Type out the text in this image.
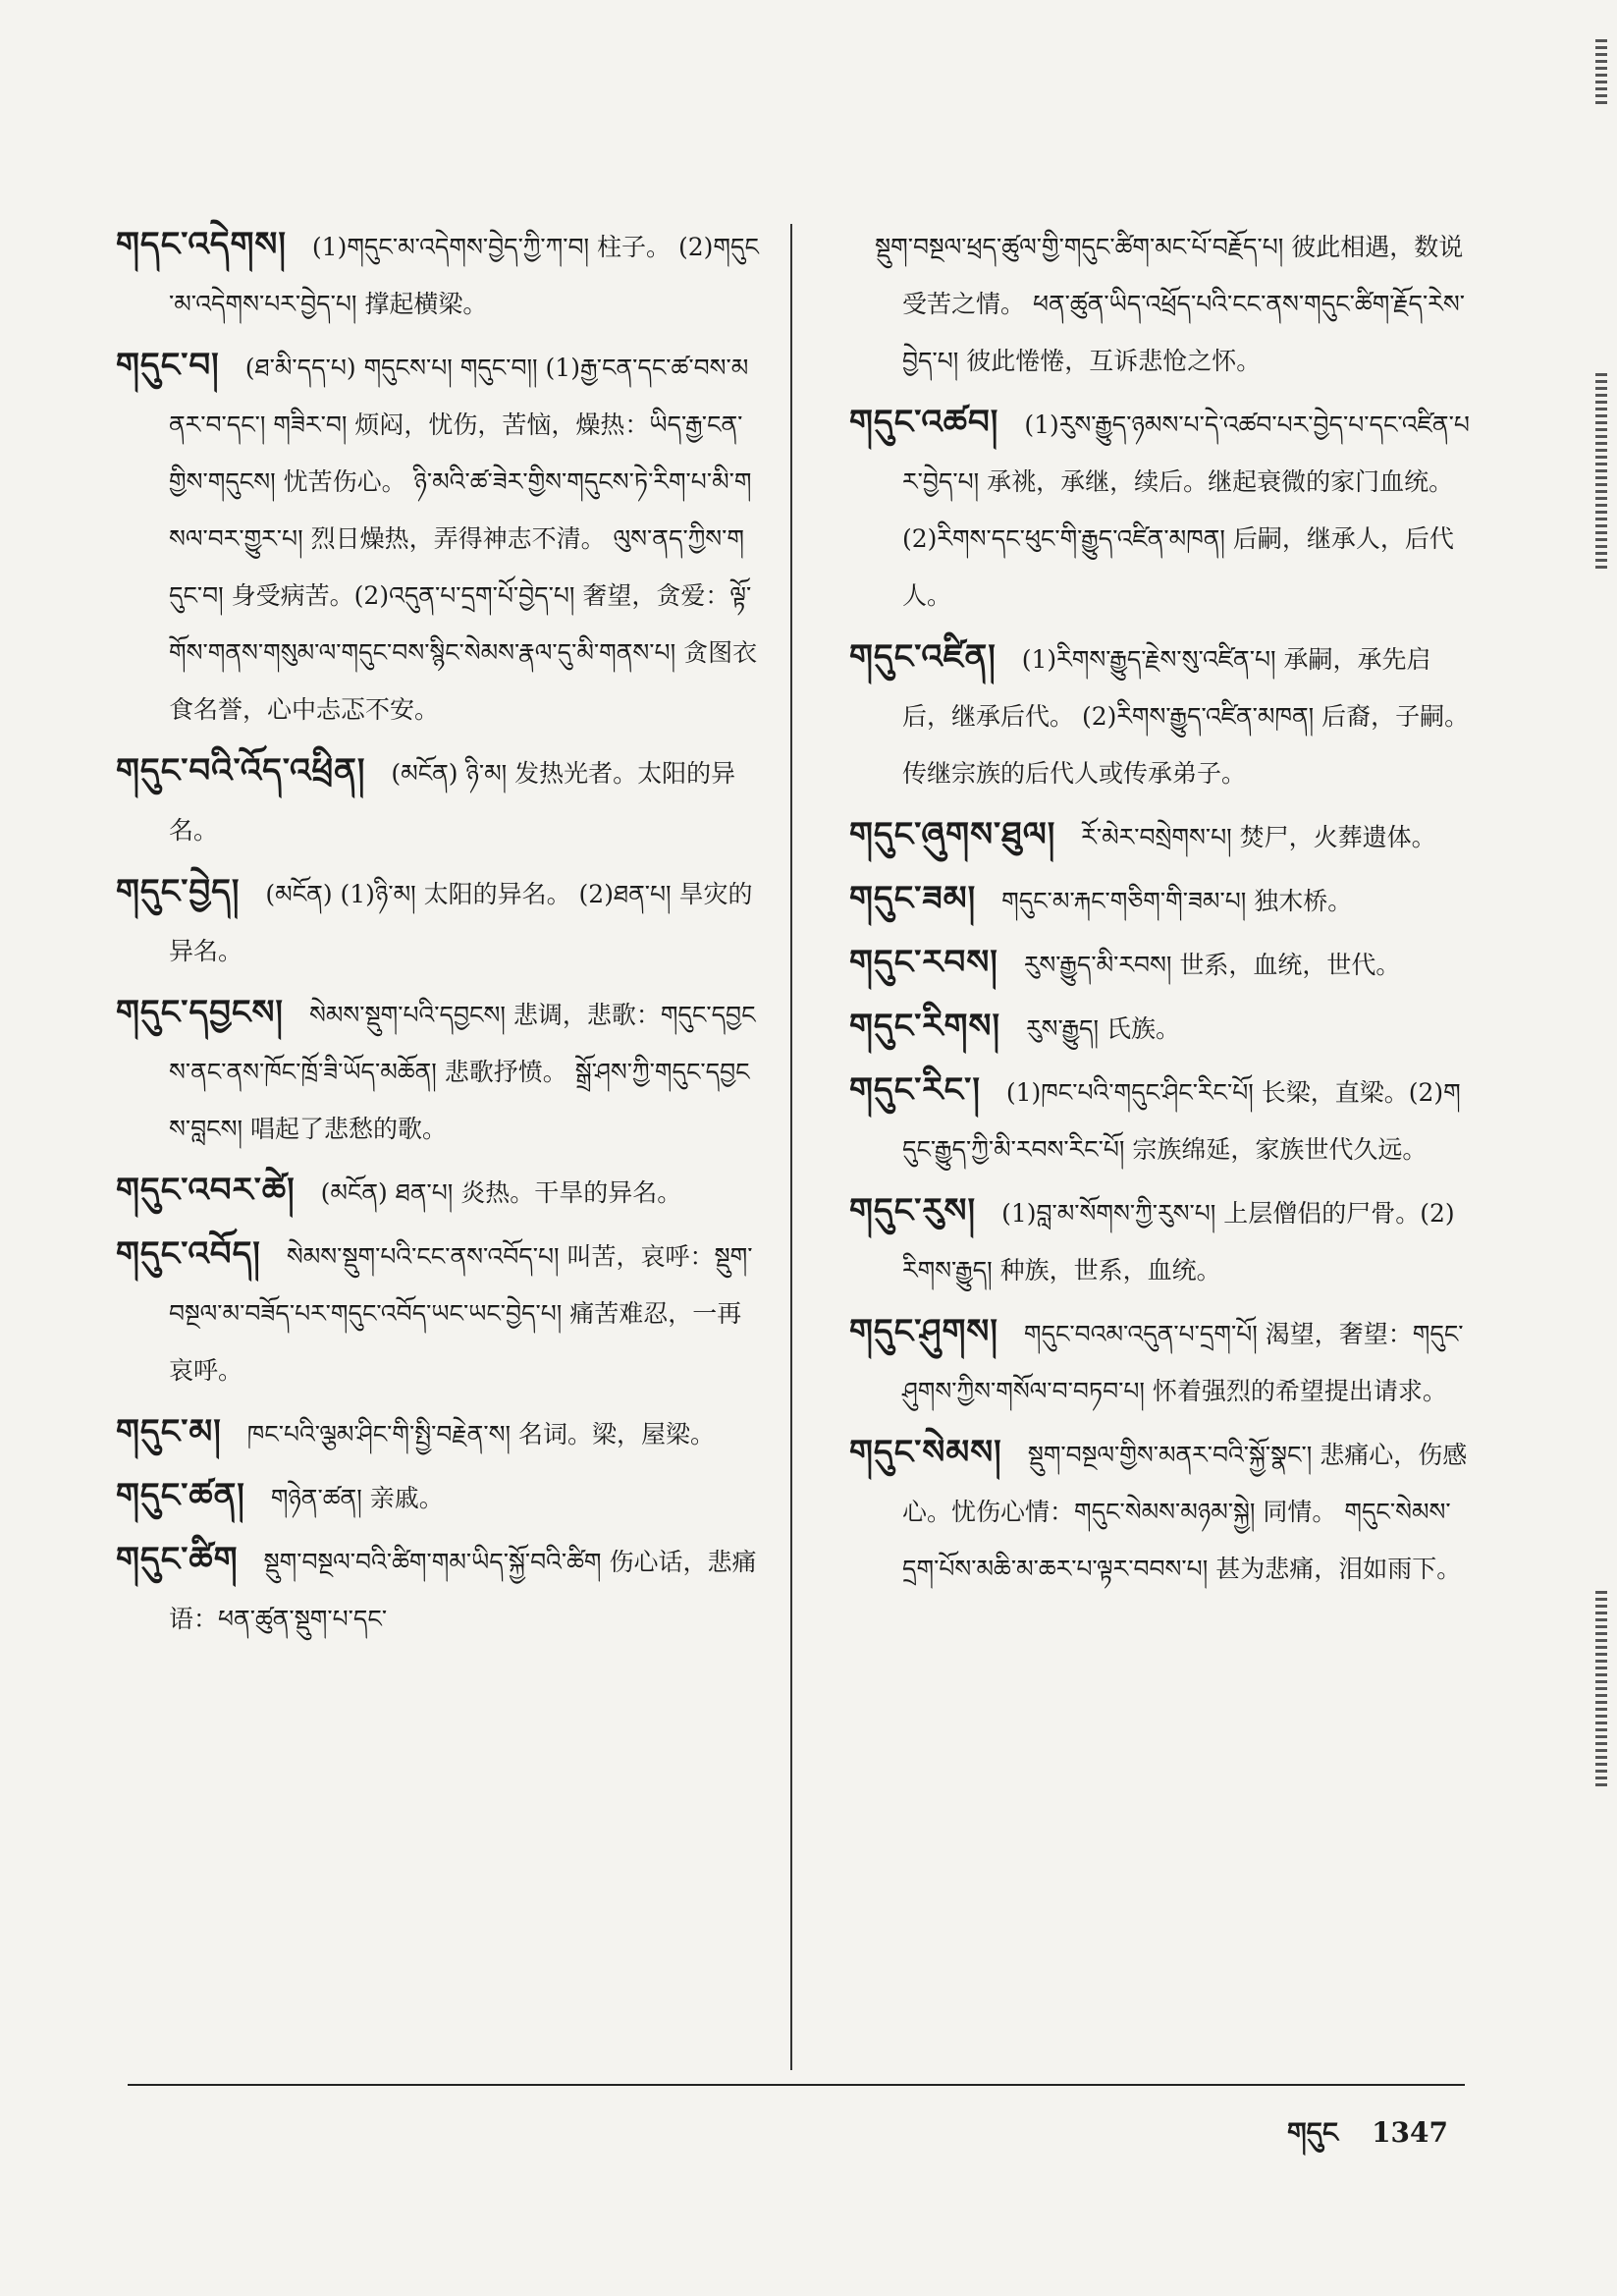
གདང་འདེགས། (1)གདུང་མ་འདེགས་བྱེད་ཀྱི་ཀ་བ། 柱子。 (2)གདུང་མ་འདེགས་པར་བྱེད་པ། 撑起横梁。
གདུང་བ། (ཐ་མི་དད་པ) གདུངས་པ། གདུང་བ།། (1)རྒྱ་ངན་དང་ཚ་བས་མནར་བ་དང་། གཟིར་བ། 烦闷，忧伤，苦恼，燥热：ཡིད་རྒྱ་ངན་གྱིས་གདུངས། 忧苦伤心。 ཉི་མའི་ཚ་ཟེར་གྱིས་གདུངས་ཏེ་རིག་པ་མི་གསལ་བར་གྱུར་པ། 烈日燥热，弄得神志不清。 ལུས་ནད་ཀྱིས་གདུང་བ། 身受病苦。(2)འདུན་པ་དྲག་པོ་བྱེད་པ། 奢望，贪爱：ལྟོ་གོས་གནས་གསུམ་ལ་གདུང་བས་སྙིང་སེམས་རྣལ་དུ་མི་གནས་པ། 贪图衣食名誉，心中忐忑不安。
གདུང་བའི་འོད་འཕྲིན། (མངོན) ཉི་མ། 发热光者。太阳的异名。
གདུང་བྱེད། (མངོན) (1)ཉི་མ། 太阳的异名。 (2)ཐན་པ། 旱灾的异名。
གདུང་དབྱངས། སེམས་སྡུག་པའི་དབྱངས། 悲调，悲歌：གདུང་དབྱངས་ནང་ནས་ཁོང་ཁྲོ་ཟི་ཡོད་མཆོན། 悲歌抒愤。 སྒྲོ་ཤས་ཀྱི་གདུང་དབྱངས་བླངས། 唱起了悲愁的歌。
གདུང་འབར་ཚེ། (མངོན) ཐན་པ། 炎热。干旱的异名。
གདུང་འབོད། སེམས་སྡུག་པའི་ངང་ནས་འབོད་པ། 叫苦，哀呼：སྡུག་བསྔལ་མ་བཟོད་པར་གདུང་འབོད་ཡང་ཡང་བྱེད་པ། 痛苦难忍，一再哀呼。
གདུང་མ། ཁང་པའི་ལྕམ་ཤིང་གི་སྤྱི་བརྗེན་ས། 名词。梁，屋梁。
གདུང་ཚན། གཉེན་ཚན། 亲戚。
གདུང་ཚིག སྡུག་བསྔལ་བའི་ཚིག་གམ་ཡིད་སྐྱོ་བའི་ཚིག 伤心话，悲痛语：ཕན་ཚུན་སྡུག་པ་དང་
སྡུག་བསྔལ་ཕྲད་ཚུལ་གྱི་གདུང་ཚིག་མང་པོ་བརྗོད་པ། 彼此相遇，数说受苦之情。 ཕན་ཚུན་ཡིད་འཕྲོད་པའི་ངང་ནས་གདུང་ཚིག་རྗོད་རེས་བྱེད་པ། 彼此惓惓，互诉悲怆之怀。
གདུང་འཚབ། (1)རུས་རྒྱུད་ཉམས་པ་དེ་འཚབ་པར་བྱེད་པ་དང་འཛིན་པར་བྱེད་པ། 承祧，承继，续后。继起衰微的家门血统。(2)རིགས་དང་ཕུང་གི་རྒྱུད་འཛིན་མཁན། 后嗣，继承人，后代人。
གདུང་འཛིན། (1)རིགས་རྒྱུད་རྗེས་སུ་འཛིན་པ། 承嗣，承先启后，继承后代。 (2)རིགས་རྒྱུད་འཛིན་མཁན། 后裔，子嗣。传继宗族的后代人或传承弟子。
གདུང་ཞུགས་ཐུལ། རོ་མེར་བསྲེགས་པ། 焚尸，火葬遗体。
གདུང་ཟམ། གདུང་མ་རྐང་གཅིག་གི་ཟམ་པ། 独木桥。
གདུང་རབས། རུས་རྒྱུད་མི་རབས། 世系，血统，世代。
གདུང་རིགས། རུས་རྒྱུད། 氏族。
གདུང་རིང་། (1)ཁང་པའི་གདུང་ཤིང་རིང་པོ། 长梁，直梁。(2)གདུང་རྒྱུད་ཀྱི་མི་རབས་རིང་པོ། 宗族绵延，家族世代久远。
གདུང་རུས། (1)བླ་མ་སོགས་ཀྱི་རུས་པ། 上层僧侣的尸骨。(2)རིགས་རྒྱུད། 种族，世系，血统。
གདུང་ཤུགས། གདུང་བའམ་འདུན་པ་དྲག་པོ། 渴望，奢望：གདུང་ཤུགས་ཀྱིས་གསོལ་བ་བཏབ་པ། 怀着强烈的希望提出请求。
གདུང་སེམས། སྡུག་བསྔལ་གྱིས་མནར་བའི་སྐྱོ་སྣང་། 悲痛心，伤感心。忧伤心情：གདུང་སེམས་མཉམ་སྐྱེ། 同情。 གདུང་སེམས་དྲག་པོས་མཆི་མ་ཆར་པ་ལྟར་བབས་པ། 甚为悲痛，泪如雨下。
གདུང 1347
